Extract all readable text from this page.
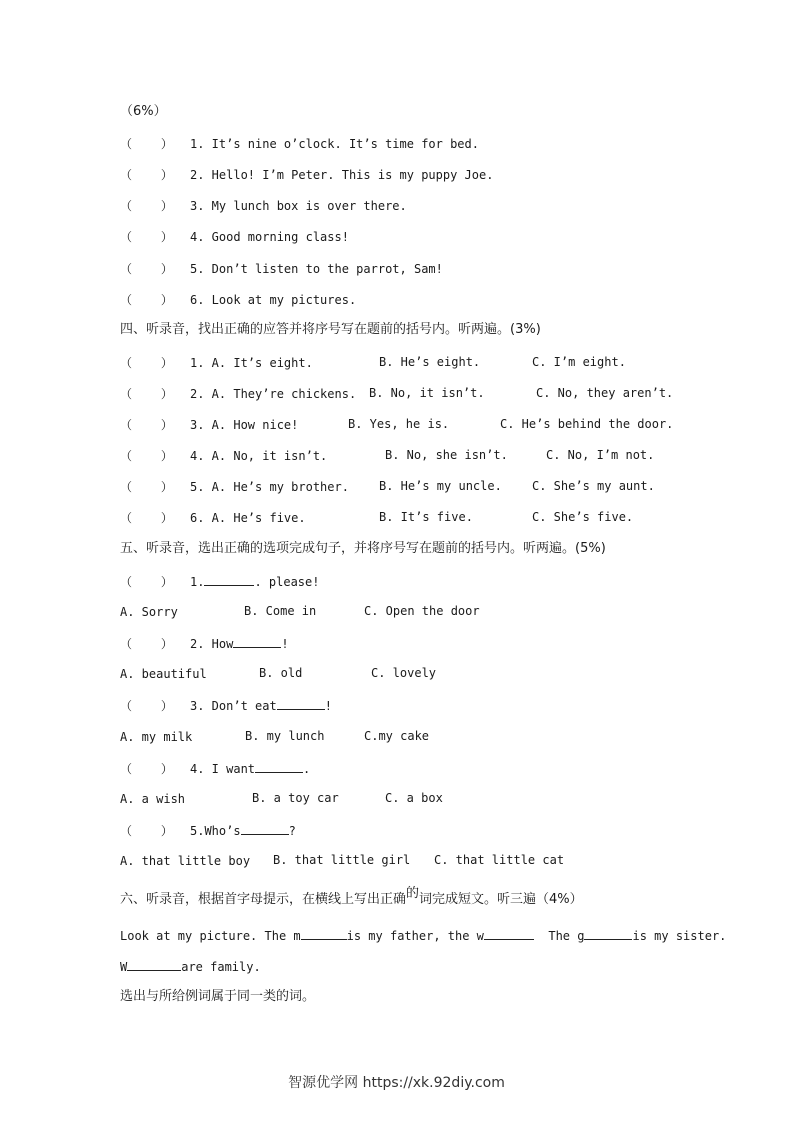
（6%）
（    ） 1. It’s nine o’clock. It’s time for bed.
（    ） 2. Hello! I’m Peter. This is my puppy Joe.
（    ） 3. My lunch box is over there.
（    ） 4. Good morning class!
（    ） 5. Don’t listen to the parrot, Sam!
（    ） 6. Look at my pictures.
四、听录音，找出正确的应答并将序号写在题前的括号内。听两遍。(3%)
（    ） 1. A. It’s eight.	B. He’s eight.	C. I’m eight.
（    ） 2. A. They’re chickens. B. No, it isn’t.	C. No, they aren’t.
（    ） 3. A. How nice!	B. Yes, he is.	C. He’s behind the door.
（    ） 4. A. No, it isn’t.	B. No, she isn’t.	C. No, I’m not.
（    ） 5. A. He’s my brother.	B. He’s my uncle.	C. She’s my aunt.
（    ） 6. A. He’s five.	B. It’s five.	C. She’s five.
五、听录音，选出正确的选项完成句子，并将序号写在题前的括号内。听两遍。(5%)
（    ） 1.	. please!
A. Sorry	B. Come in	C. Open the door
（    ） 2. How	!
A. beautiful	B. old	C. lovely
（    ） 3. Don’t eat	!
A. my milk	B. my lunch	C.my cake
（    ） 4. I want	.
A. a wish	B. a toy car	C. a box
（    ） 5.Who’s	?
A. that little boy B. that little girl C. that little cat
六、听录音，根据首字母提示，在横线上写出正确的词完成短文。听三遍（4%）
Look at my picture. The m	is my father, the w	The g	is my sister.
W	are family.
选出与所给例词属于同一类的词。
智源优学网 https://xk.92diy.com
